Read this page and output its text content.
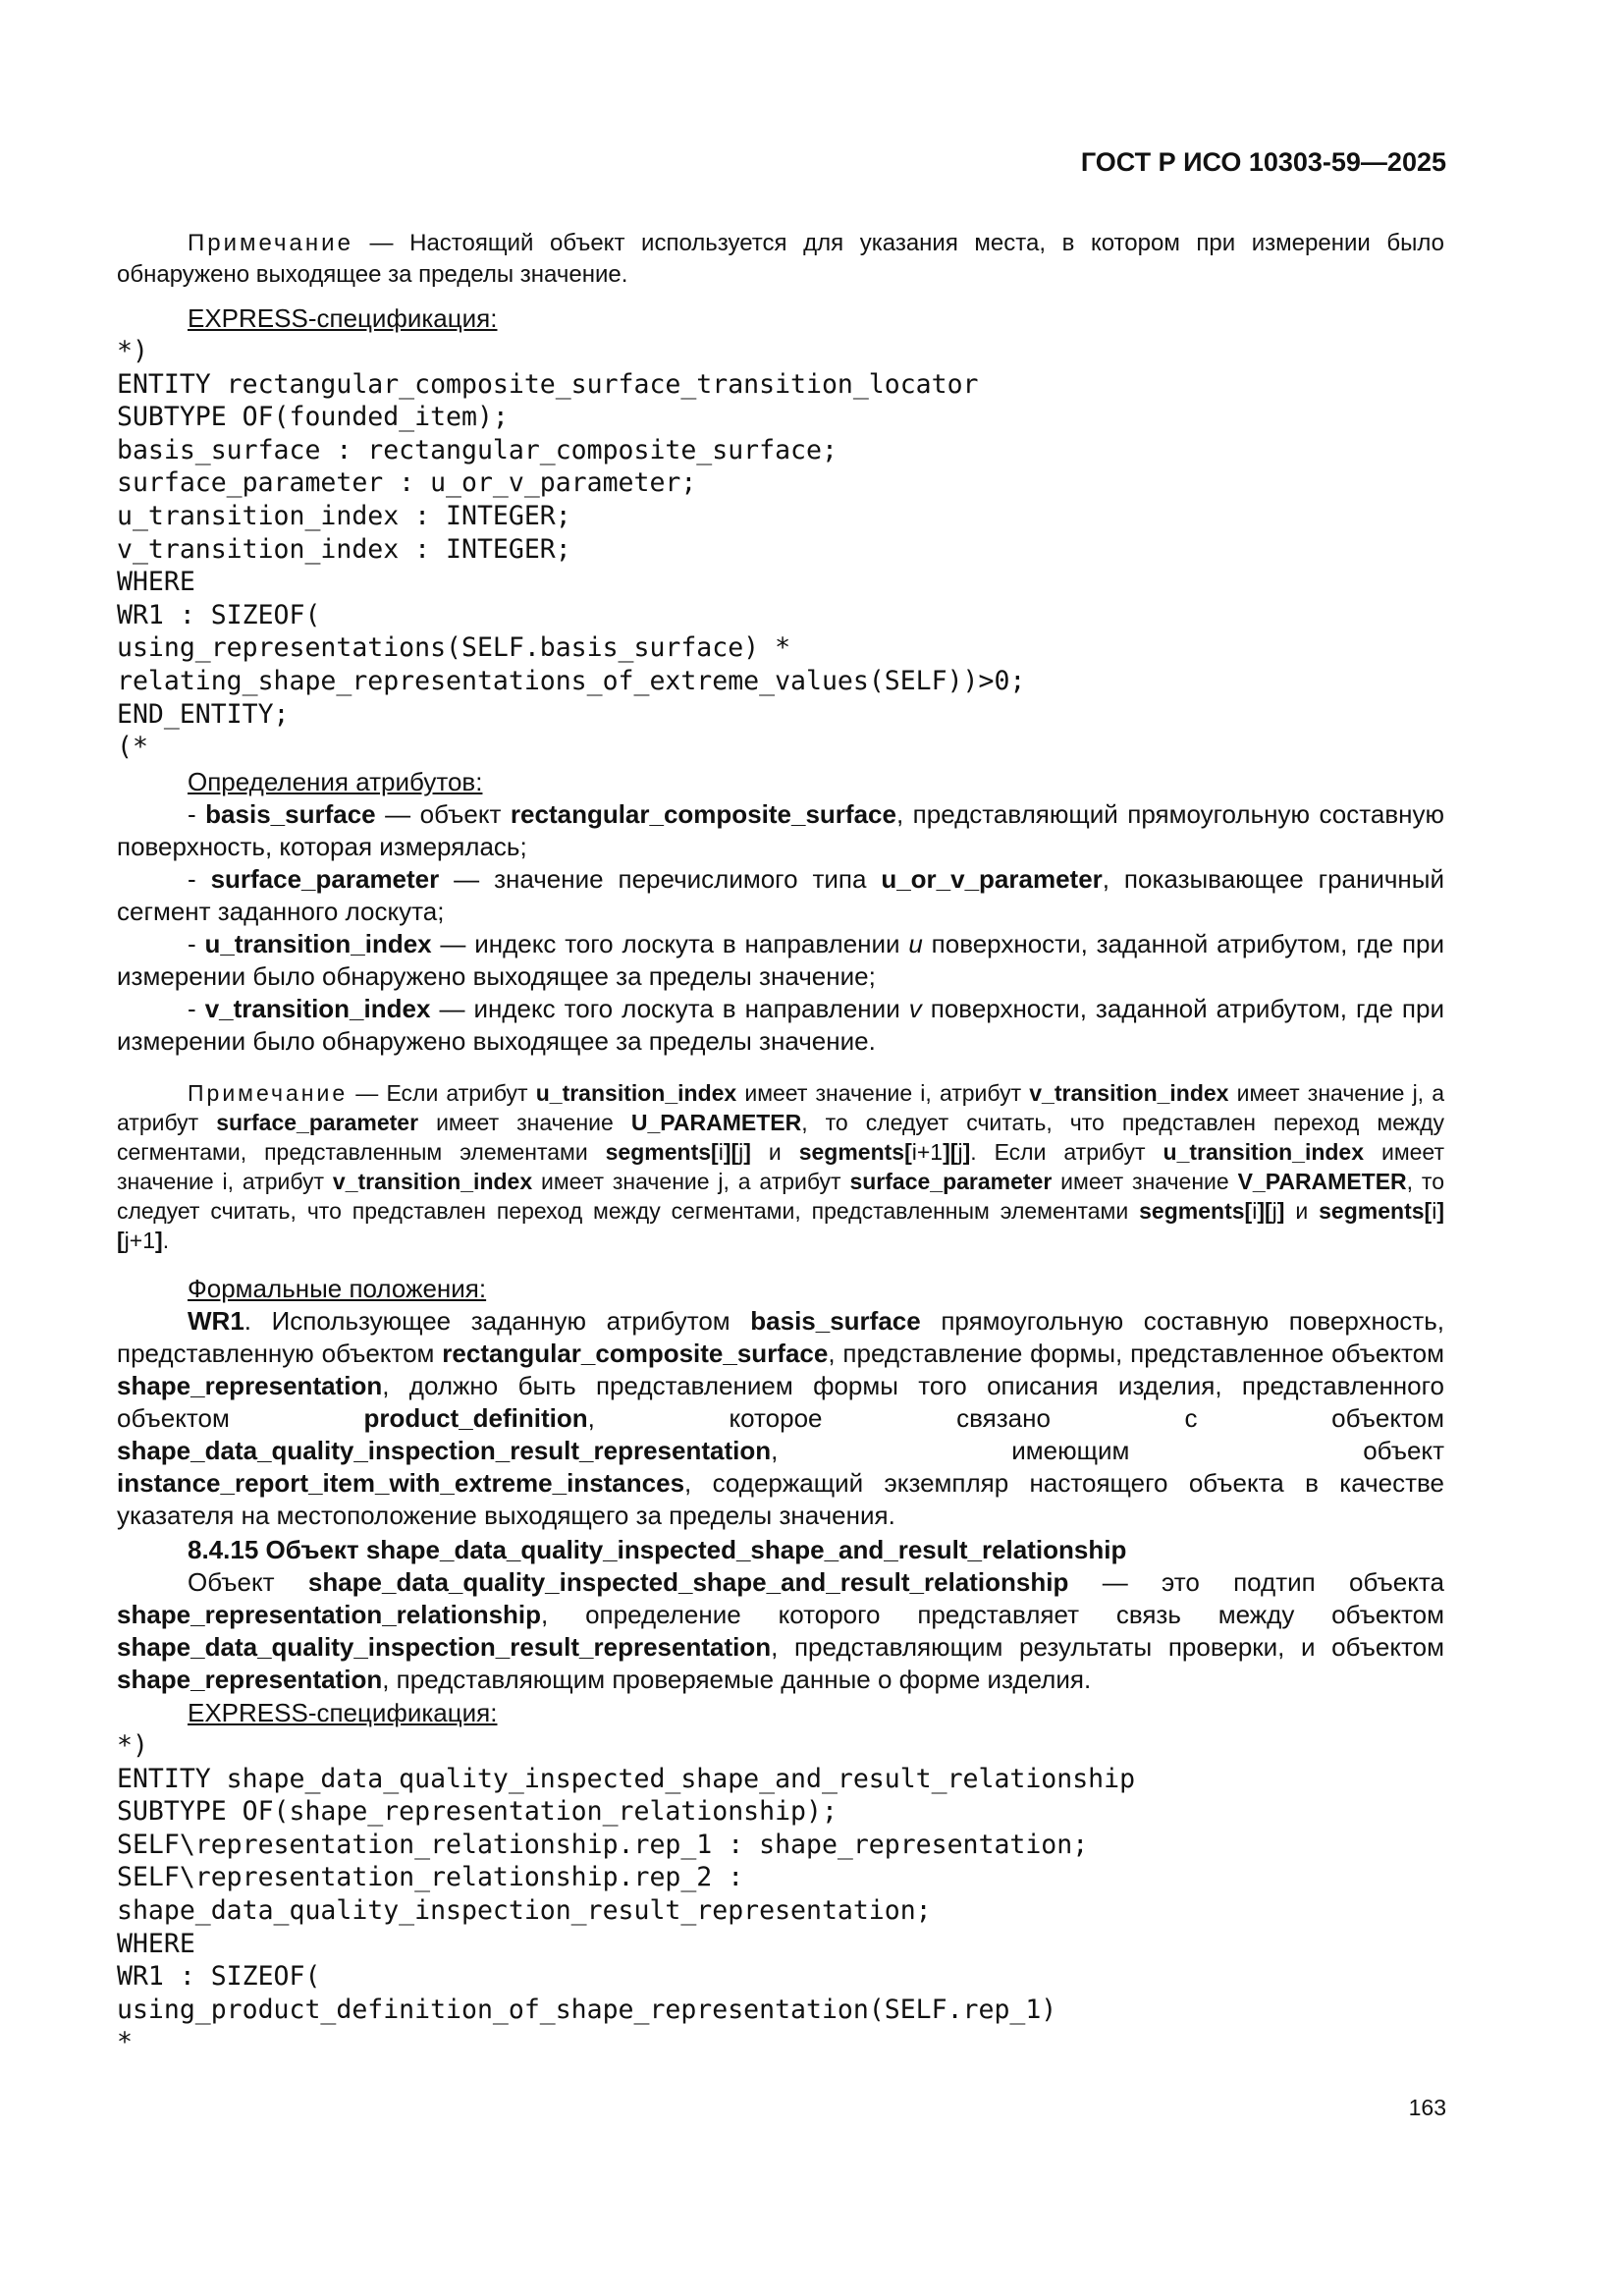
ГОСТ Р ИСО 10303-59—2025

Примечание — Настоящий объект используется для указания места, в котором при измерении было обнаружено выходящее за пределы значение.

EXPRESS-спецификация:

*)
ENTITY rectangular_composite_surface_transition_locator
SUBTYPE OF(founded_item);
basis_surface : rectangular_composite_surface;
surface_parameter : u_or_v_parameter;
u_transition_index : INTEGER;
v_transition_index : INTEGER;
WHERE
WR1 : SIZEOF(
using_representations(SELF.basis_surface) *
relating_shape_representations_of_extreme_values(SELF))>0;
END_ENTITY;
(*

Определения атрибутов:

- basis_surface — объект rectangular_composite_surface, представляющий прямоугольную составную поверхность, которая измерялась;

- surface_parameter — значение перечислимого типа u_or_v_parameter, показывающее граничный сегмент заданного лоскута;

- u_transition_index — индекс того лоскута в направлении u поверхности, заданной атрибутом, где при измерении было обнаружено выходящее за пределы значение;

- v_transition_index — индекс того лоскута в направлении v поверхности, заданной атрибутом, где при измерении было обнаружено выходящее за пределы значение.

Примечание — Если атрибут u_transition_index имеет значение i, атрибут v_transition_index имеет значение j, а атрибут surface_parameter имеет значение U_PARAMETER, то следует считать, что представлен переход между сегментами, представленным элементами segments[i][j] и segments[i+1][j]. Если атрибут u_transition_index имеет значение i, атрибут v_transition_index имеет значение j, а атрибут surface_parameter имеет значение V_PARAMETER, то следует считать, что представлен переход между сегментами, представленным элементами segments[i][j] и segments[i][j+1].

Формальные положения:

WR1. Использующее заданную атрибутом basis_surface прямоугольную составную поверхность, представленную объектом rectangular_composite_surface, представление формы, представленное объектом shape_representation, должно быть представлением формы того описания изделия, представленного объектом product_definition, которое связано с объектом shape_data_quality_inspection_result_representation, имеющим объект instance_report_item_with_extreme_instances, содержащий экземпляр настоящего объекта в качестве указателя на местоположение выходящего за пределы значения.

8.4.15 Объект shape_data_quality_inspected_shape_and_result_relationship

Объект shape_data_quality_inspected_shape_and_result_relationship — это подтип объекта shape_representation_relationship, определение которого представляет связь между объектом shape_data_quality_inspection_result_representation, представляющим результаты проверки, и объектом shape_representation, представляющим проверяемые данные о форме изделия.

EXPRESS-спецификация:

*)
ENTITY shape_data_quality_inspected_shape_and_result_relationship
SUBTYPE OF(shape_representation_relationship);
SELF\representation_relationship.rep_1 : shape_representation;
SELF\representation_relationship.rep_2 :
shape_data_quality_inspection_result_representation;
WHERE
WR1 : SIZEOF(
using_product_definition_of_shape_representation(SELF.rep_1)
*
163
